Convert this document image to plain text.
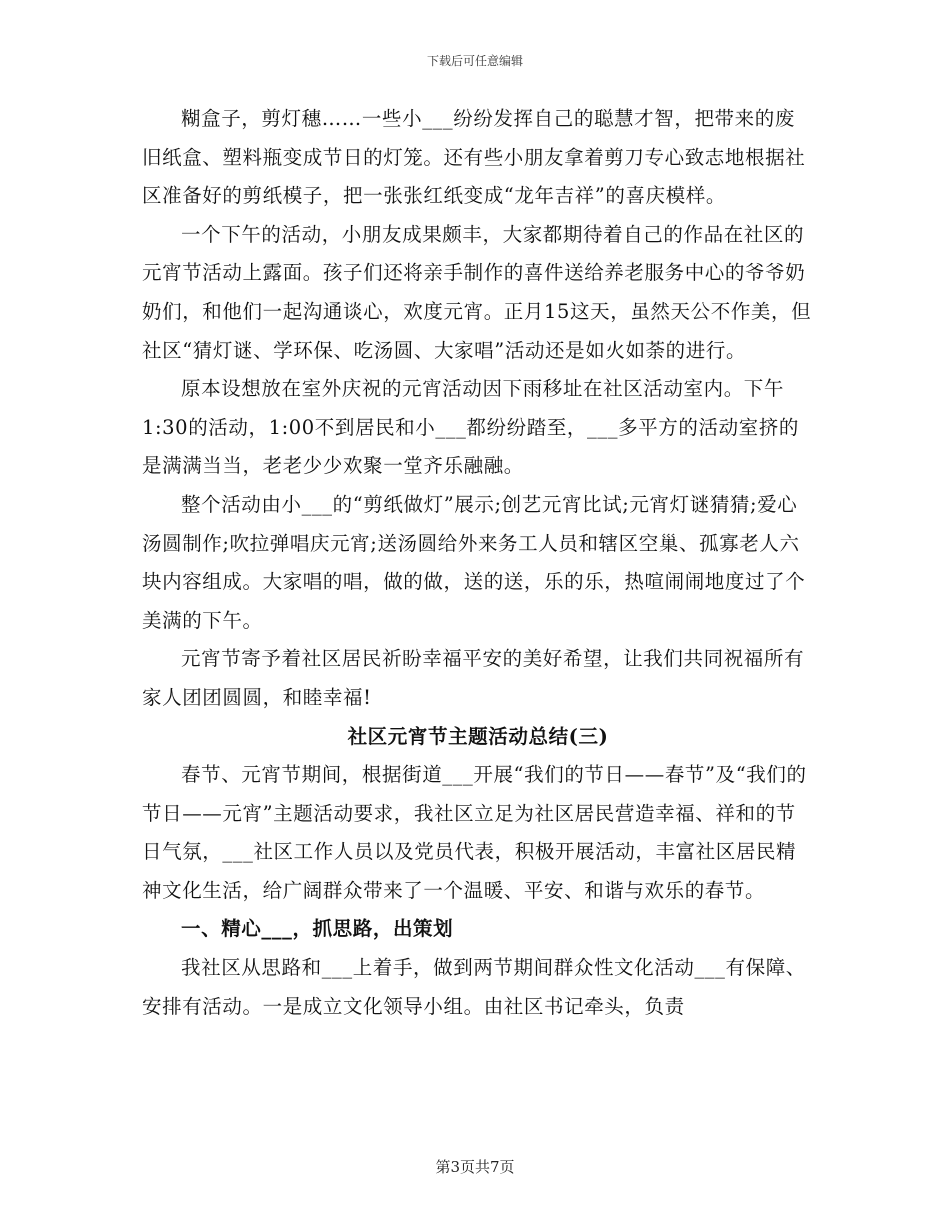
下载后可任意编辑

糊盒子，剪灯穗……一些小___纷纷发挥自己的聪慧才智，把带来的废旧纸盒、塑料瓶变成节日的灯笼。还有些小朋友拿着剪刀专心致志地根据社区准备好的剪纸模子，把一张张红纸变成“龙年吉祥”的喜庆模样。

一个下午的活动，小朋友成果颇丰，大家都期待着自己的作品在社区的元宵节活动上露面。孩子们还将亲手制作的喜件送给养老服务中心的爷爷奶奶们，和他们一起沟通谈心，欢度元宵。正月15这天，虽然天公不作美，但社区“猜灯谜、学环保、吃汤圆、大家唱”活动还是如火如荼的进行。

原本设想放在室外庆祝的元宵活动因下雨移址在社区活动室内。下午1:30的活动，1:00不到居民和小___都纷纷踏至，___多平方的活动室挤的是满满当当，老老少少欢聚一堂齐乐融融。

整个活动由小___的“剪纸做灯”展示;创艺元宵比试;元宵灯谜猜猜;爱心汤圆制作;吹拉弹唱庆元宵;送汤圆给外来务工人员和辖区空巢、孤寡老人六块内容组成。大家唱的唱，做的做，送的送，乐的乐，热喧闹闹地度过了个美满的下午。

元宵节寄予着社区居民祈盼幸福平安的美好希望，让我们共同祝福所有家人团团圆圆，和睦幸福!

社区元宵节主题活动总结(三)

春节、元宵节期间，根据街道___开展“我们的节日——春节”及“我们的节日——元宵”主题活动要求，我社区立足为社区居民营造幸福、祥和的节日气氛，___社区工作人员以及党员代表，积极开展活动，丰富社区居民精神文化生活，给广阔群众带来了一个温暖、平安、和谐与欢乐的春节。

一、精心___，抓思路，出策划

我社区从思路和___上着手，做到两节期间群众性文化活动___有保障、安排有活动。一是成立文化领导小组。由社区书记牵头，负责

第3页共7页
